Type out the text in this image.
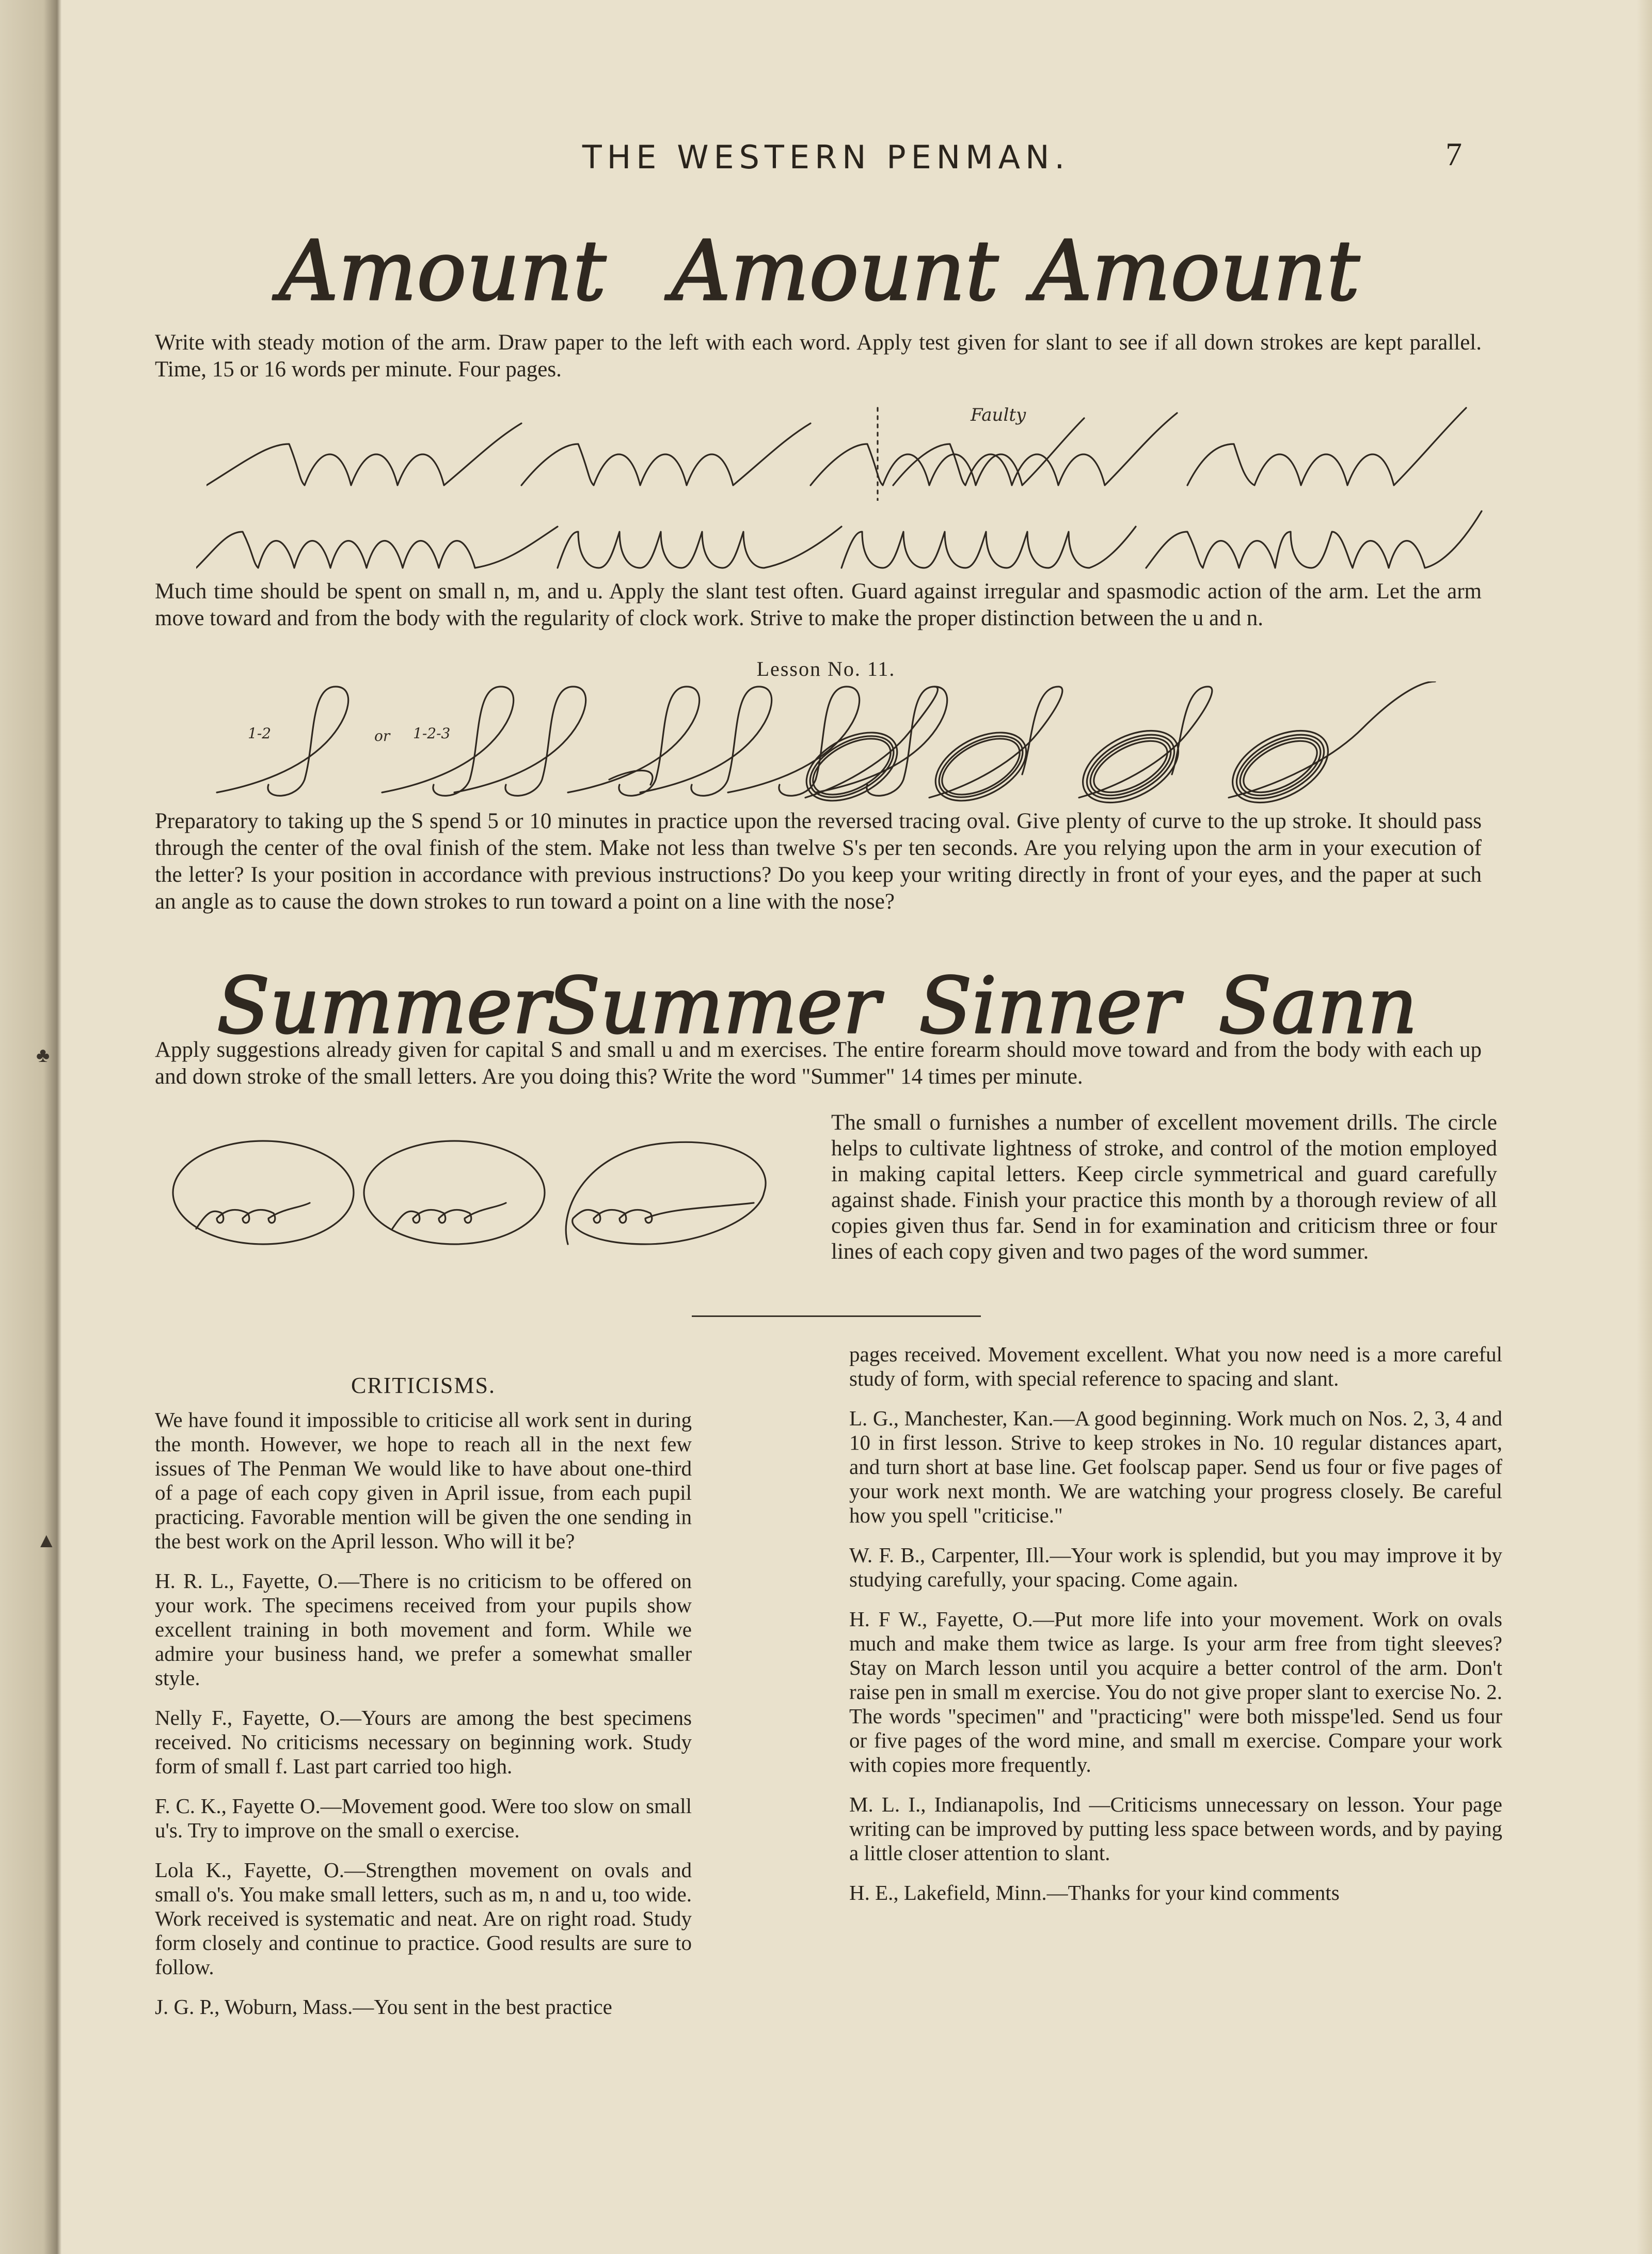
♣
▲
THE WESTERN PENMAN.	7
Amount Amount Amount
Write with steady motion of the arm. Draw paper to the left with each word. Apply test given for slant to see if all down strokes are kept parallel. Time, 15 or 16 words per minute. Four pages.
Faulty
Much time should be spent on small n, m, and u. Apply the slant test often. Guard against irregular and spasmodic action of the arm. Let the arm move toward and from the body with the regularity of clock work. Strive to make the proper distinction between the u and n.
Lesson No. 11.
1-2	or 1-2-3
Preparatory to taking up the S spend 5 or 10 minutes in practice upon the reversed tracing oval. Give plenty of curve to the up stroke. It should pass through the center of the oval finish of the stem. Make not less than twelve S's per ten seconds. Are you relying upon the arm in your execution of the letter? Is your position in accordance with previous instructions? Do you keep your writing directly in front of your eyes, and the paper at such an angle as to cause the down strokes to run toward a point on a line with the nose?
Summer
Summer Sinner Sann
Apply suggestions already given for capital S and small u and m exercises. The entire forearm should move toward and from the body with each up and down stroke of the small letters. Are you doing this? Write the word "Summer" 14 times per minute.
The small o furnishes a number of excellent movement drills. The circle helps to cultivate lightness of stroke, and control of the motion employed in making capital letters. Keep circle symmetrical and guard carefully against shade. Finish your practice this month by a thorough review of all copies given thus far. Send in for examination and criticism three or four lines of each copy given and two pages of the word summer.
CRITICISMS.

We have found it impossible to criticise all work sent in during the month. However, we hope to reach all in the next few issues of The Penman We would like to have about one-third of a page of each copy given in April issue, from each pupil practicing. Favorable mention will be given the one sending in the best work on the April lesson. Who will it be?

H. R. L., Fayette, O.—There is no criticism to be offered on your work. The specimens received from your pupils show excellent training in both movement and form. While we admire your business hand, we prefer a somewhat smaller style.

Nelly F., Fayette, O.—Yours are among the best specimens received. No criticisms necessary on beginning work. Study form of small f. Last part carried too high.

F. C. K., Fayette O.—Movement good. Were too slow on small u's. Try to improve on the small o exercise.

Lola K., Fayette, O.—Strengthen movement on ovals and small o's. You make small letters, such as m, n and u, too wide. Work received is systematic and neat. Are on right road. Study form closely and continue to practice. Good results are sure to follow.

J. G. P., Woburn, Mass.—You sent in the best practice

pages received. Movement excellent. What you now need is a more careful study of form, with special reference to spacing and slant.

L. G., Manchester, Kan.—A good beginning. Work much on Nos. 2, 3, 4 and 10 in first lesson. Strive to keep strokes in No. 10 regular distances apart, and turn short at base line. Get foolscap paper. Send us four or five pages of your work next month. We are watching your progress closely. Be careful how you spell "criticise."

W. F. B., Carpenter, Ill.—Your work is splendid, but you may improve it by studying carefully, your spacing. Come again.

H. F W., Fayette, O.—Put more life into your movement. Work on ovals much and make them twice as large. Is your arm free from tight sleeves? Stay on March lesson until you acquire a better control of the arm. Don't raise pen in small m exercise. You do not give proper slant to exercise No. 2. The words "specimen" and "practicing" were both misspe'led. Send us four or five pages of the word mine, and small m exercise. Compare your work with copies more frequently.

M. L. I., Indianapolis, Ind —Criticisms unnecessary on lesson. Your page writing can be improved by putting less space between words, and by paying a little closer attention to slant.

H. E., Lakefield, Minn.—Thanks for your kind comments
